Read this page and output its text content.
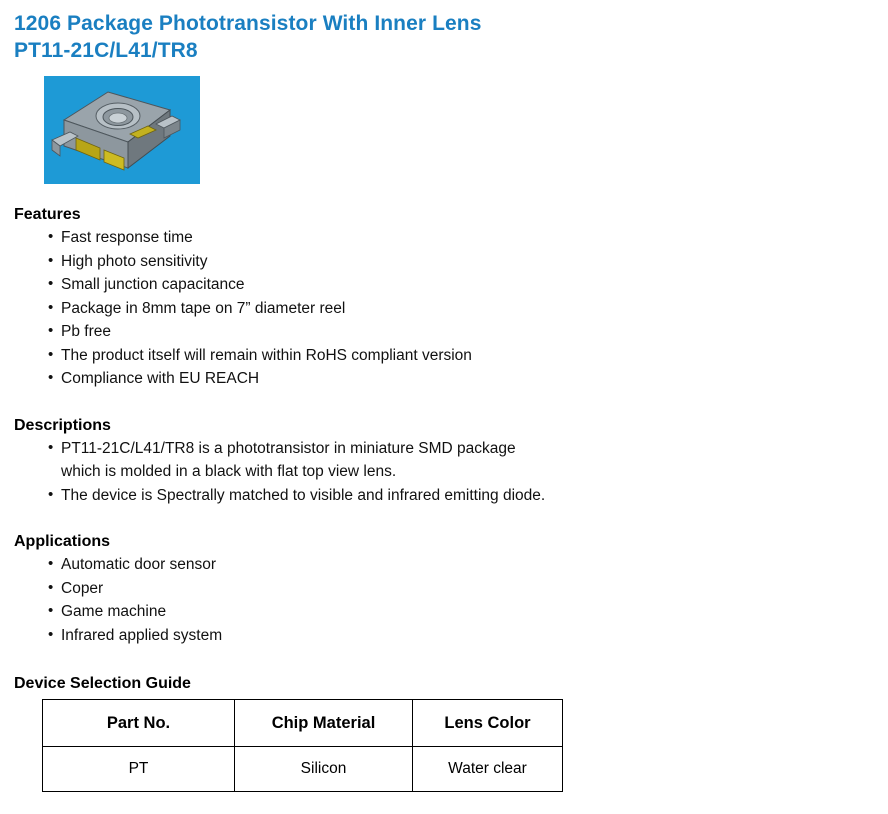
1206 Package Phototransistor With Inner Lens
PT11-21C/L41/TR8
Features
• Fast response time
• High photo sensitivity
• Small junction capacitance
• Package in 8mm tape on 7” diameter reel
• Pb free
• The product itself will remain within RoHS compliant version
• Compliance with EU REACH
Descriptions
• PT11-21C/L41/TR8 is a phototransistor in miniature SMD package
which is molded in a black with flat top view lens.
• The device is Spectrally matched to visible and infrared emitting diode.
Applications
• Automatic door sensor
• Coper
• Game machine
• Infrared applied system
Device Selection Guide
Part No.	Chip Material	Lens Color
PT	Silicon	Water clear
